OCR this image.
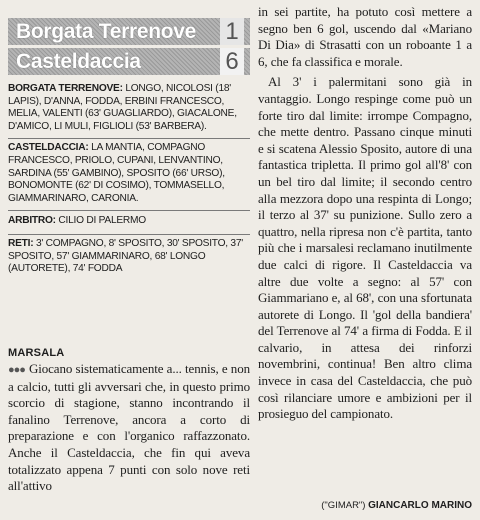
Borgata Terrenove 1
Casteldaccia	6
BORGATA TERRENOVE: LONGO, NICOLOSI (18' LAPIS), D'ANNA, FODDA, ERBINI FRANCESCO, MELIA, VALENTI (63' GUAGLIARDO), GIACALONE, D'AMICO, LI MULI, FIGLIOLI (53' BARBERA).
CASTELDACCIA: LA MANTIA, COMPAGNO FRANCESCO, PRIOLO, CUPANI, LENVANTINO, SARDINA (55' GAMBINO), SPOSITO (66' URSO), BONOMONTE (62' DI COSIMO), TOMMASELLO, GIAMMARINARO, CARONIA.
ARBITRO: CILIO DI PALERMO
RETI: 3' COMPAGNO, 8' SPOSITO, 30' SPOSITO, 37' SPOSITO, 57' GIAMMARINARO, 68' LONGO (AUTORETE), 74' FODDA
MARSALA
●●● Giocano sistematicamente a... tennis, e non a calcio, tutti gli avversari che, in questo primo scorcio di stagione, stanno incontrando il fanalino Terrenove, ancora a corto di preparazione e con l'organico raffazzonato. Anche il Casteldaccia, che fin qui aveva totalizzato appena 7 punti con solo nove reti all'attivo

in sei partite, ha potuto così mettere a segno ben 6 gol, uscendo dal «Mariano Di Dia» di Strasatti con un roboante 1 a 6, che fa classifica e morale.

Al 3' i palermitani sono già in vantaggio. Longo respinge come può un forte tiro dal limite: irrompe Compagno, che mette dentro. Passano cinque minuti e si scatena Alessio Sposito, autore di una fantastica tripletta. Il primo gol all'8' con un bel tiro dal limite; il secondo centro alla mezzora dopo una respinta di Longo; il terzo al 37' su punizione. Sullo zero a quattro, nella ripresa non c'è partita, tanto più che i marsalesi reclamano inutilmente due calci di rigore. Il Casteldaccia va altre due volte a segno: al 57' con Giammariano e, al 68', con una sfortunata autorete di Longo. Il 'gol della bandiera' del Terrenove al 74' a firma di Fodda. E il calvario, in attesa dei rinforzi novembrini, continua! Ben altro clima invece in casa del Casteldaccia, che può così rilanciare umore e ambizioni per il prosieguo del campionato.

("GIMAR") GIANCARLO MARINO
